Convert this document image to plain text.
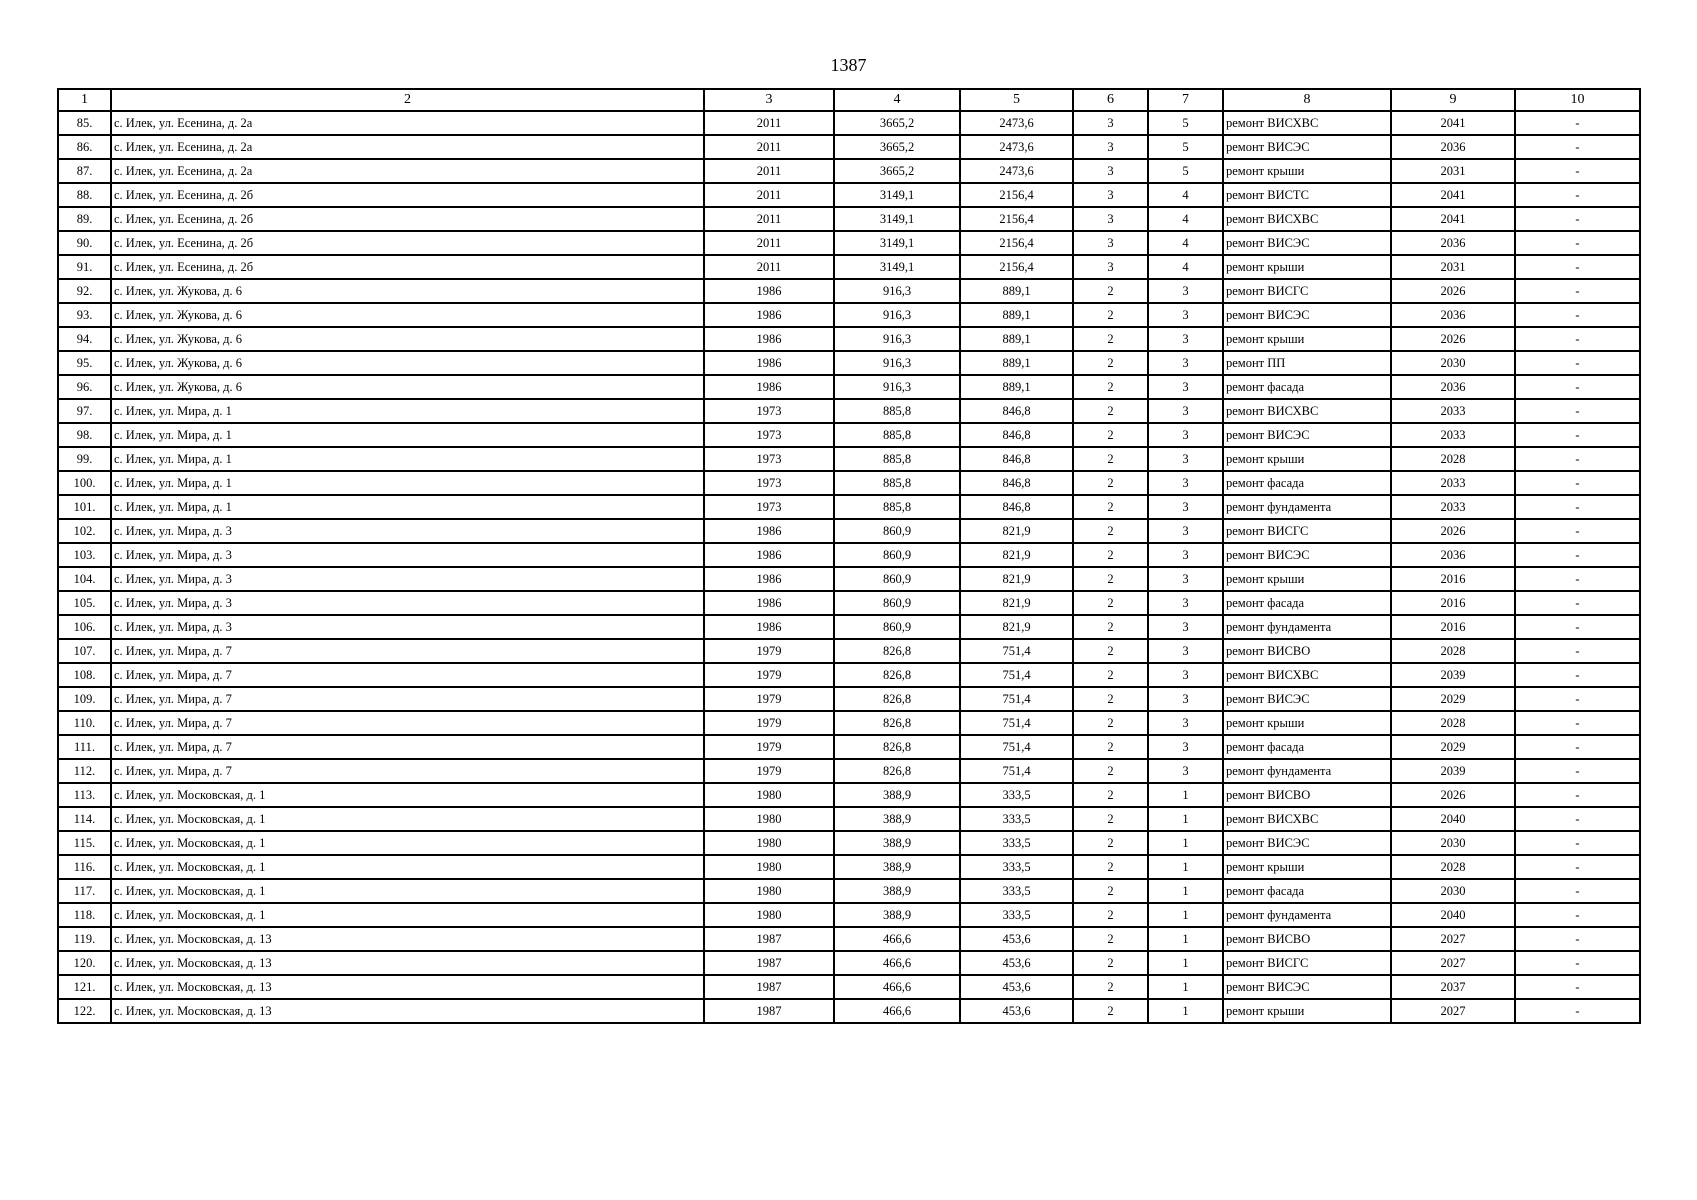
1387
1	2	3	4	5	6	7	8	9	10
85.	с. Илек, ул. Есенина, д. 2а	2011	3665,2	2473,6	3	5	ремонт ВИСХВС	2041	-
86.	с. Илек, ул. Есенина, д. 2а	2011	3665,2	2473,6	3	5	ремонт ВИСЭС	2036	-
87.	с. Илек, ул. Есенина, д. 2а	2011	3665,2	2473,6	3	5	ремонт крыши	2031	-
88.	с. Илек, ул. Есенина, д. 2б	2011	3149,1	2156,4	3	4	ремонт ВИСТС	2041	-
89.	с. Илек, ул. Есенина, д. 2б	2011	3149,1	2156,4	3	4	ремонт ВИСХВС	2041	-
90.	с. Илек, ул. Есенина, д. 2б	2011	3149,1	2156,4	3	4	ремонт ВИСЭС	2036	-
91.	с. Илек, ул. Есенина, д. 2б	2011	3149,1	2156,4	3	4	ремонт крыши	2031	-
92.	с. Илек, ул. Жукова, д. 6	1986	916,3	889,1	2	3	ремонт ВИСГС	2026	-
93.	с. Илек, ул. Жукова, д. 6	1986	916,3	889,1	2	3	ремонт ВИСЭС	2036	-
94.	с. Илек, ул. Жукова, д. 6	1986	916,3	889,1	2	3	ремонт крыши	2026	-
95.	с. Илек, ул. Жукова, д. 6	1986	916,3	889,1	2	3	ремонт ПП	2030	-
96.	с. Илек, ул. Жукова, д. 6	1986	916,3	889,1	2	3	ремонт фасада	2036	-
97.	с. Илек, ул. Мира, д. 1	1973	885,8	846,8	2	3	ремонт ВИСХВС	2033	-
98.	с. Илек, ул. Мира, д. 1	1973	885,8	846,8	2	3	ремонт ВИСЭС	2033	-
99.	с. Илек, ул. Мира, д. 1	1973	885,8	846,8	2	3	ремонт крыши	2028	-
100.	с. Илек, ул. Мира, д. 1	1973	885,8	846,8	2	3	ремонт фасада	2033	-
101.	с. Илек, ул. Мира, д. 1	1973	885,8	846,8	2	3	ремонт фундамента	2033	-
102.	с. Илек, ул. Мира, д. 3	1986	860,9	821,9	2	3	ремонт ВИСГС	2026	-
103.	с. Илек, ул. Мира, д. 3	1986	860,9	821,9	2	3	ремонт ВИСЭС	2036	-
104.	с. Илек, ул. Мира, д. 3	1986	860,9	821,9	2	3	ремонт крыши	2016	-
105.	с. Илек, ул. Мира, д. 3	1986	860,9	821,9	2	3	ремонт фасада	2016	-
106.	с. Илек, ул. Мира, д. 3	1986	860,9	821,9	2	3	ремонт фундамента	2016	-
107.	с. Илек, ул. Мира, д. 7	1979	826,8	751,4	2	3	ремонт ВИСВО	2028	-
108.	с. Илек, ул. Мира, д. 7	1979	826,8	751,4	2	3	ремонт ВИСХВС	2039	-
109.	с. Илек, ул. Мира, д. 7	1979	826,8	751,4	2	3	ремонт ВИСЭС	2029	-
110.	с. Илек, ул. Мира, д. 7	1979	826,8	751,4	2	3	ремонт крыши	2028	-
111.	с. Илек, ул. Мира, д. 7	1979	826,8	751,4	2	3	ремонт фасада	2029	-
112.	с. Илек, ул. Мира, д. 7	1979	826,8	751,4	2	3	ремонт фундамента	2039	-
113.	с. Илек, ул. Московская, д. 1	1980	388,9	333,5	2	1	ремонт ВИСВО	2026	-
114.	с. Илек, ул. Московская, д. 1	1980	388,9	333,5	2	1	ремонт ВИСХВС	2040	-
115.	с. Илек, ул. Московская, д. 1	1980	388,9	333,5	2	1	ремонт ВИСЭС	2030	-
116.	с. Илек, ул. Московская, д. 1	1980	388,9	333,5	2	1	ремонт крыши	2028	-
117.	с. Илек, ул. Московская, д. 1	1980	388,9	333,5	2	1	ремонт фасада	2030	-
118.	с. Илек, ул. Московская, д. 1	1980	388,9	333,5	2	1	ремонт фундамента	2040	-
119.	с. Илек, ул. Московская, д. 13	1987	466,6	453,6	2	1	ремонт ВИСВО	2027	-
120.	с. Илек, ул. Московская, д. 13	1987	466,6	453,6	2	1	ремонт ВИСГС	2027	-
121.	с. Илек, ул. Московская, д. 13	1987	466,6	453,6	2	1	ремонт ВИСЭС	2037	-
122.	с. Илек, ул. Московская, д. 13	1987	466,6	453,6	2	1	ремонт крыши	2027	-
